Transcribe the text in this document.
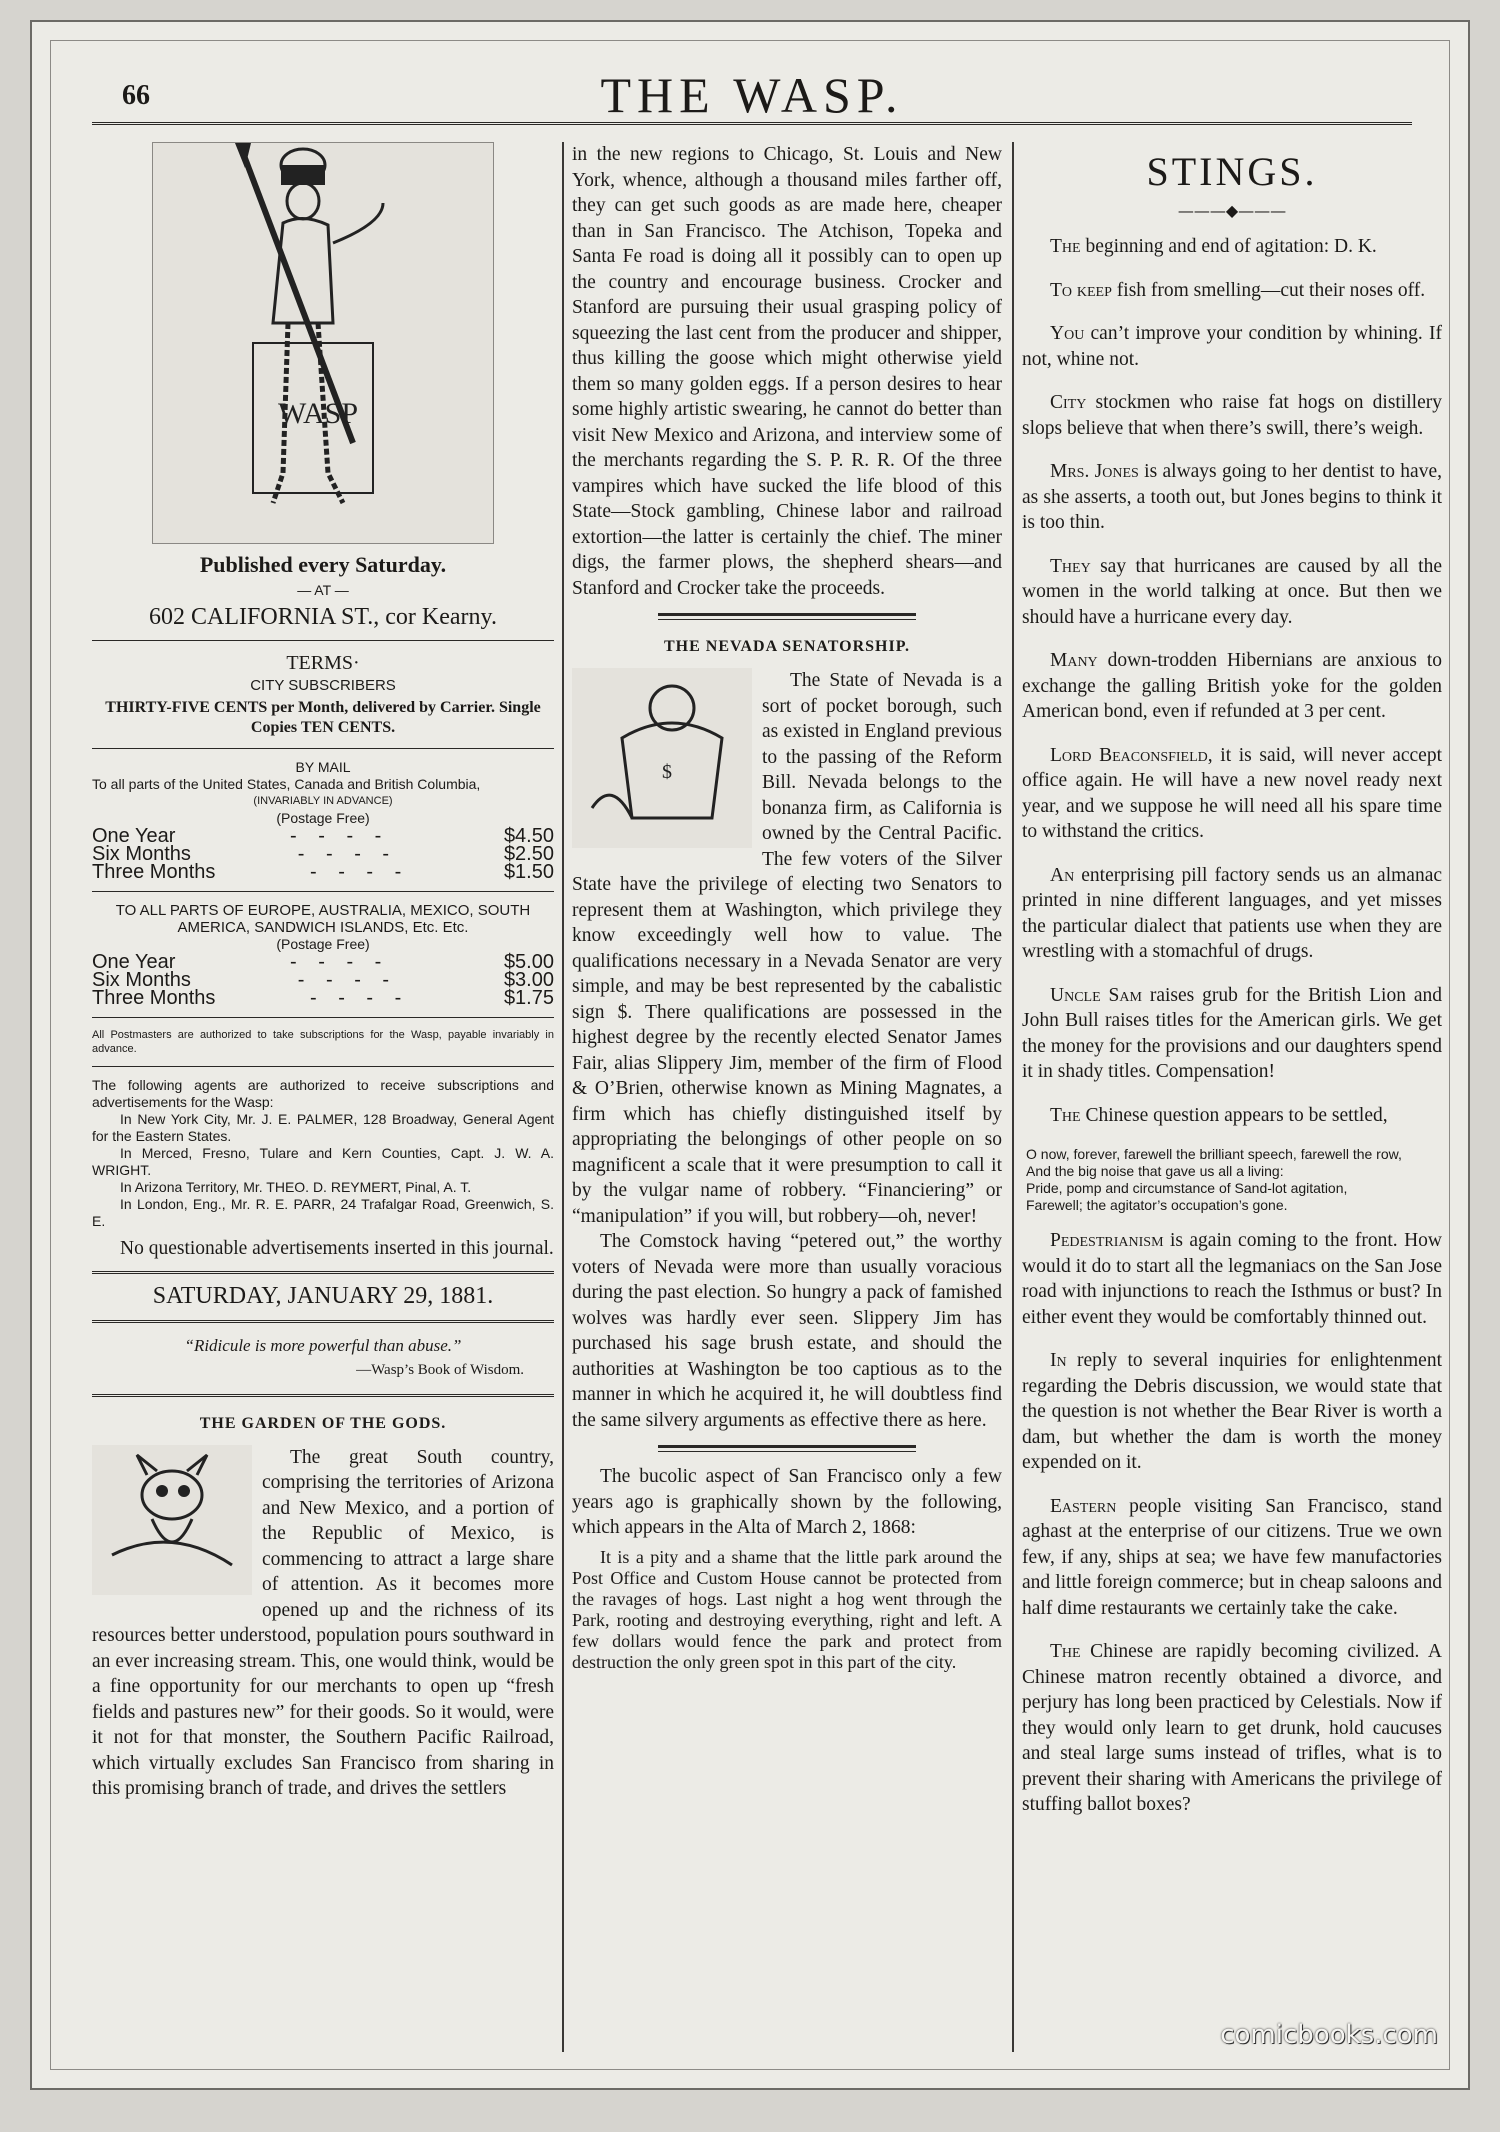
66	THE WASP.
WASP

Published every Saturday.

— AT —

602 CALIFORNIA ST., cor Kearny.

TERMS·

CITY SUBSCRIBERS

THIRTY-FIVE CENTS per Month, delivered by Carrier. Single Copies TEN CENTS.

BY MAIL

To all parts of the United States, Canada and British Columbia,

(INVARIABLY IN ADVANCE)

(Postage Free)

One Year	- - - -	$4.50
Six Months	- - - -	$2.50
Three Months	- - - -	$1.50

TO ALL PARTS OF EUROPE, AUSTRALIA, MEXICO, SOUTH AMERICA, SANDWICH ISLANDS, Etc. Etc.

(Postage Free)

One Year	- - - -	$5.00
Six Months	- - - -	$3.00
Three Months	- - - -	$1.75

All Postmasters are authorized to take subscriptions for the Wasp, payable invariably in advance.

The following agents are authorized to receive subscriptions and advertisements for the Wasp:

In New York City, Mr. J. E. PALMER, 128 Broadway, General Agent for the Eastern States.

In Merced, Fresno, Tulare and Kern Counties, Capt. J. W. A. WRIGHT.

In Arizona Territory, Mr. THEO. D. REYMERT, Pinal, A. T.

In London, Eng., Mr. R. E. PARR, 24 Trafalgar Road, Greenwich, S. E.

No questionable advertisements inserted in this journal.

SATURDAY, JANUARY 29, 1881.

“Ridicule is more powerful than abuse.”

—Wasp’s Book of Wisdom.

THE GARDEN OF THE GODS.

The great South country, comprising the territories of Arizona and New Mexico, and a portion of the Republic of Mexico, is commencing to attract a large share of attention. As it becomes more opened up and the richness of its resources better understood, population pours southward in an ever increasing stream. This, one would think, would be a fine opportunity for our merchants to open up “fresh fields and pastures new” for their goods. So it would, were it not for that monster, the Southern Pacific Railroad, which virtually excludes San Francisco from sharing in this promising branch of trade, and drives the settlers

in the new regions to Chicago, St. Louis and New York, whence, although a thousand miles farther off, they can get such goods as are made here, cheaper than in San Francisco. The Atchison, Topeka and Santa Fe road is doing all it possibly can to open up the country and encourage business. Crocker and Stanford are pursuing their usual grasping policy of squeezing the last cent from the producer and shipper, thus killing the goose which might otherwise yield them so many golden eggs. If a person desires to hear some highly artistic swearing, he cannot do better than visit New Mexico and Arizona, and interview some of the merchants regarding the S. P. R. R. Of the three vampires which have sucked the life blood of this State—Stock gambling, Chinese labor and railroad extortion—the latter is certainly the chief. The miner digs, the farmer plows, the shepherd shears—and Stanford and Crocker take the proceeds.

THE NEVADA SENATORSHIP.
$

The State of Nevada is a sort of pocket borough, such as existed in England previous to the passing of the Reform Bill. Nevada belongs to the bonanza firm, as California is owned by the Central Pacific. The few voters of the Silver State have the privilege of electing two Senators to represent them at Washington, which privilege they know exceedingly well how to value. The qualifications necessary in a Nevada Senator are very simple, and may be best represented by the cabalistic sign $. There qualifications are possessed in the highest degree by the recently elected Senator James Fair, alias Slippery Jim, member of the firm of Flood & O’Brien, otherwise known as Mining Magnates, a firm which has chiefly distinguished itself by appropriating the belongings of other people on so magnificent a scale that it were presumption to call it by the vulgar name of robbery. “Financiering” or “manipulation” if you will, but robbery—oh, never!

The Comstock having “petered out,” the worthy voters of Nevada were more than usually voracious during the past election. So hungry a pack of famished wolves was hardly ever seen. Slippery Jim has purchased his sage brush estate, and should the authorities at Washington be too captious as to the manner in which he acquired it, he will doubtless find the same silvery arguments as effective there as here.

The bucolic aspect of San Francisco only a few years ago is graphically shown by the following, which appears in the Alta of March 2, 1868:

It is a pity and a shame that the little park around the Post Office and Custom House cannot be protected from the ravages of hogs. Last night a hog went through the Park, rooting and destroying everything, right and left. A few dollars would fence the park and protect from destruction the only green spot in this part of the city.

STINGS.
———◆———

The beginning and end of agitation: D. K.

To keep fish from smelling—cut their noses off.

You can’t improve your condition by whining. If not, whine not.

City stockmen who raise fat hogs on distillery slops believe that when there’s swill, there’s weigh.

Mrs. Jones is always going to her dentist to have, as she asserts, a tooth out, but Jones begins to think it is too thin.

They say that hurricanes are caused by all the women in the world talking at once. But then we should have a hurricane every day.

Many down-trodden Hibernians are anxious to exchange the galling British yoke for the golden American bond, even if refunded at 3 per cent.

Lord Beaconsfield, it is said, will never accept office again. He will have a new novel ready next year, and we suppose he will need all his spare time to withstand the critics.

An enterprising pill factory sends us an almanac printed in nine different languages, and yet misses the particular dialect that patients use when they are wrestling with a stomachful of drugs.

Uncle Sam raises grub for the British Lion and John Bull raises titles for the American girls. We get the money for the provisions and our daughters spend it in shady titles. Compensation!

The Chinese question appears to be settled,

O now, forever, farewell the brilliant speech, farewell the row,
And the big noise that gave us all a living:
Pride, pomp and circumstance of Sand-lot agitation,
Farewell; the agitator’s occupation’s gone.

Pedestrianism is again coming to the front. How would it do to start all the legmaniacs on the San Jose road with injunctions to reach the Isthmus or bust? In either event they would be comfortably thinned out.

In reply to several inquiries for enlightenment regarding the Debris discussion, we would state that the question is not whether the Bear River is worth a dam, but whether the dam is worth the money expended on it.

Eastern people visiting San Francisco, stand aghast at the enterprise of our citizens. True we own few, if any, ships at sea; we have few manufactories and little foreign commerce; but in cheap saloons and half dime restaurants we certainly take the cake.

The Chinese are rapidly becoming civilized. A Chinese matron recently obtained a divorce, and perjury has long been practiced by Celestials. Now if they would only learn to get drunk, hold caucuses and steal large sums instead of trifles, what is to prevent their sharing with Americans the privilege of stuffing ballot boxes?

comicbooks.com
